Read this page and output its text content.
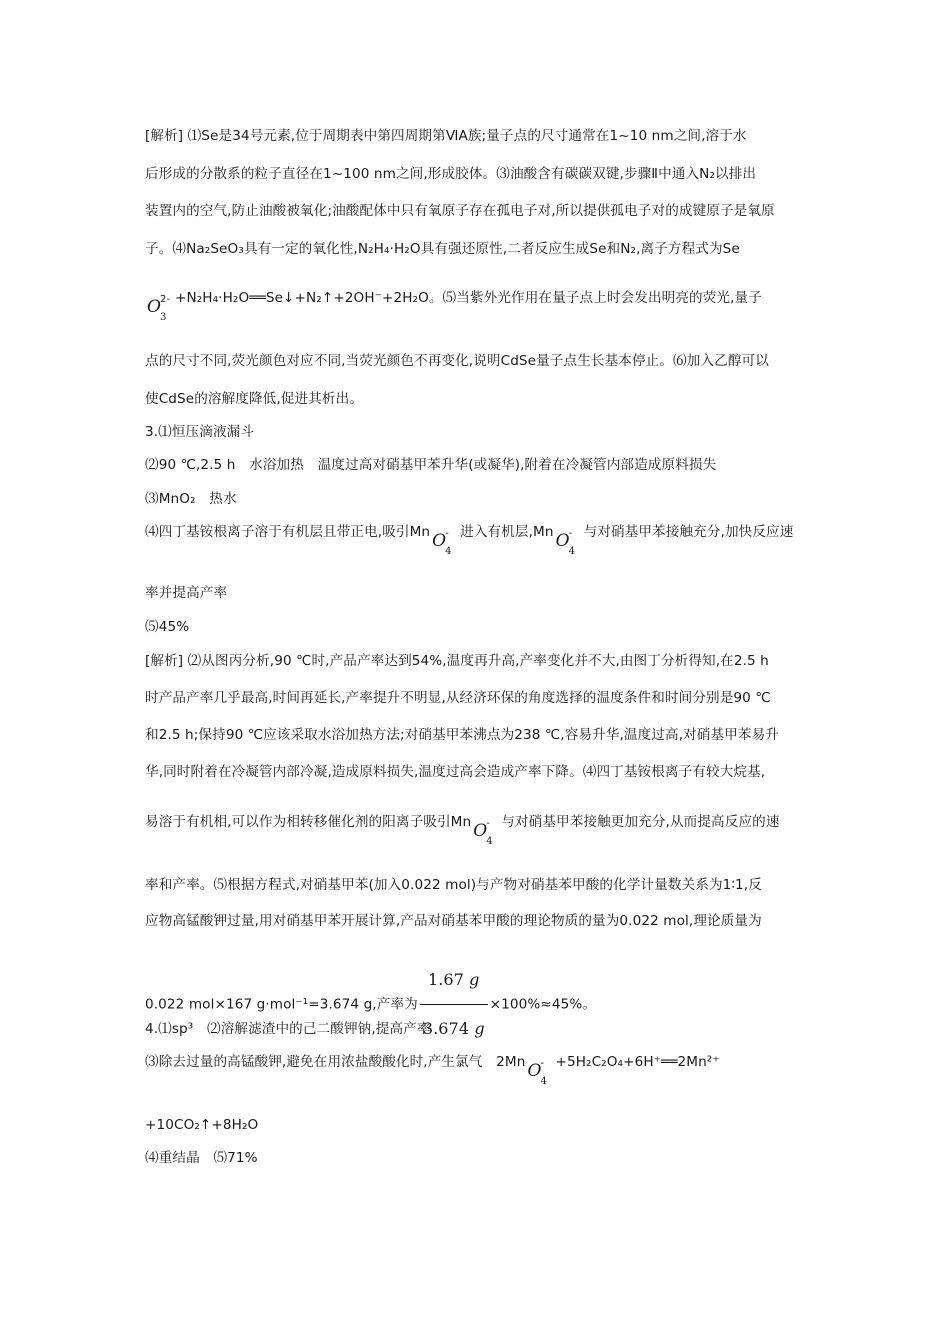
[解析] ⑴Se是34号元素,位于周期表中第四周期第ⅥA族;量子点的尺寸通常在1~10 nm之间,溶于水
后形成的分散系的粒子直径在1~100 nm之间,形成胶体。⑶油酸含有碳碳双键,步骤Ⅱ中通入N₂以排出
装置内的空气,防止油酸被氧化;油酸配体中只有氧原子存在孤电子对,所以提供孤电子对的成键原子是氧原
子。⑷Na₂SeO₃具有一定的氧化性,N₂H₄·H₂O具有强还原性,二者反应生成Se和N₂,离子方程式为Se
O
2-
3
+N₂H₄·H₂O══Se↓+N₂↑+2OH⁻+2H₂O。⑸当紫外光作用在量子点上时会发出明亮的荧光,量子
点的尺寸不同,荧光颜色对应不同,当荧光颜色不再变化,说明CdSe量子点生长基本停止。⑹加入乙醇可以
使CdSe的溶解度降低,促进其析出。
3.⑴恒压滴液漏斗
⑵90 ℃,2.5 h　水浴加热　温度过高对硝基甲苯升华(或凝华),附着在冷凝管内部造成原料损失
⑶MnO₂　热水
⑷四丁基铵根离子溶于有机层且带正电,吸引Mn O
-
4
进入有机层,Mn O
-
4
与对硝基甲苯接触充分,加快反应速
率并提高产率
⑸45%
[解析] ⑵从图丙分析,90 ℃时,产品产率达到54%,温度再升高,产率变化并不大,由图丁分析得知,在2.5 h
时产品产率几乎最高,时间再延长,产率提升不明显,从经济环保的角度选择的温度条件和时间分别是90 ℃
和2.5 h;保持90 ℃应该采取水浴加热方法;对硝基甲苯沸点为238 ℃,容易升华,温度过高,对硝基甲苯易升
华,同时附着在冷凝管内部冷凝,造成原料损失,温度过高会造成产率下降。⑷四丁基铵根离子有较大烷基,
易溶于有机相,可以作为相转移催化剂的阳离子吸引Mn O
-
4
与对硝基甲苯接触更加充分,从而提高反应的速
率和产率。⑸根据方程式,对硝基甲苯(加入0.022 mol)与产物对硝基苯甲酸的化学计量数关系为1∶1,反
应物高锰酸钾过量,用对硝基甲苯开展计算,产品对硝基苯甲酸的理论物质的量为0.022 mol,理论质量为
0.022 mol×167 g·mol⁻¹=3.674 g,产率为 $\frac{1.67 g}{3.674 g} \times 100\%\approx 45\%$。
4.⑴sp³　⑵溶解滤渣中的己二酸钾钠,提高产率
⑶除去过量的高锰酸钾,避免在用浓盐酸酸化时,产生氯气　2Mn O
-
4
+5H₂C₂O₄+6H⁺══2Mn²⁺
+10CO₂↑+8H₂O
⑷重结晶　⑸71%
